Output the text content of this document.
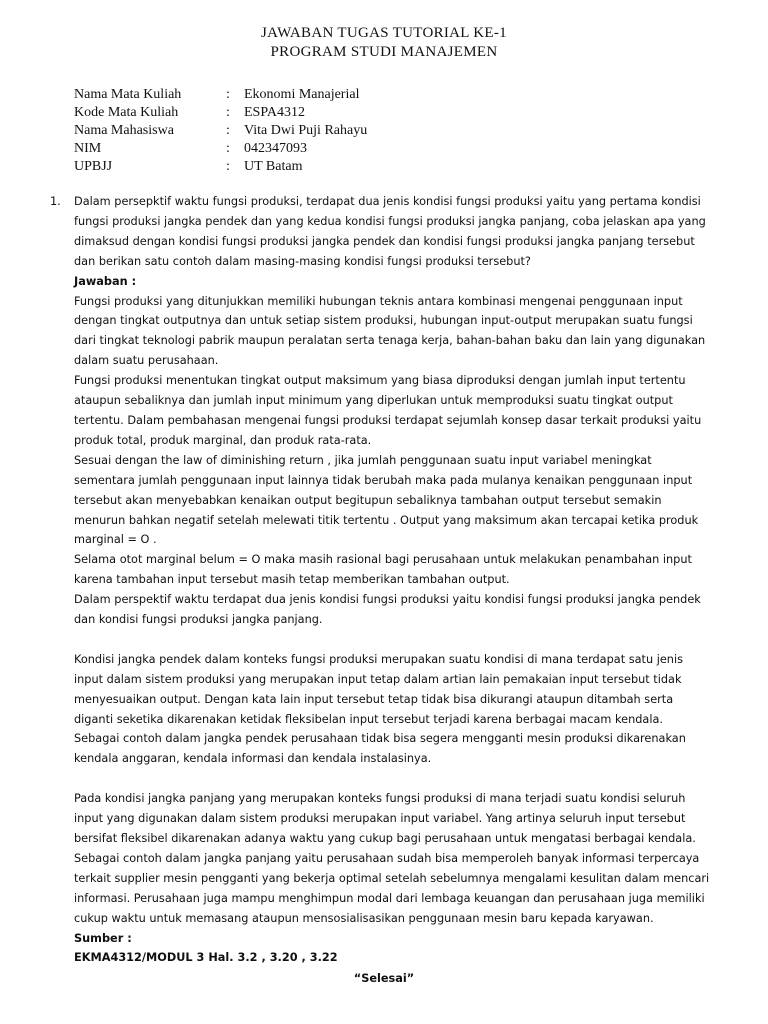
JAWABAN TUGAS TUTORIAL KE-1
PROGRAM STUDI MANAJEMEN
Nama Mata Kuliah	: Ekonomi Manajerial
Kode Mata Kuliah	: ESPA4312
Nama Mahasiswa	: Vita Dwi Puji Rahayu
NIM	: 042347093
UPBJJ	: UT Batam
1. Dalam persepktif waktu fungsi produksi, terdapat dua jenis kondisi fungsi produksi yaitu yang pertama kondisi fungsi produksi jangka pendek dan yang kedua kondisi fungsi produksi jangka panjang, coba jelaskan apa yang dimaksud dengan kondisi fungsi produksi jangka pendek dan kondisi fungsi produksi jangka panjang tersebut dan berikan satu contoh dalam masing-masing kondisi fungsi produksi tersebut?

Jawaban :

Fungsi produksi yang ditunjukkan memiliki hubungan teknis antara kombinasi mengenai penggunaan input dengan tingkat outputnya dan untuk setiap sistem produksi, hubungan input-output merupakan suatu fungsi dari tingkat teknologi pabrik maupun peralatan serta tenaga kerja, bahan-bahan baku dan lain yang digunakan dalam suatu perusahaan.

Fungsi produksi menentukan tingkat output maksimum yang biasa diproduksi dengan jumlah input tertentu ataupun sebaliknya dan jumlah input minimum yang diperlukan untuk memproduksi suatu tingkat output tertentu. Dalam pembahasan mengenai fungsi produksi terdapat sejumlah konsep dasar terkait produksi yaitu produk total, produk marginal, dan produk rata-rata.

Sesuai dengan the law of diminishing return , jika jumlah penggunaan suatu input variabel meningkat sementara jumlah penggunaan input lainnya tidak berubah maka pada mulanya kenaikan penggunaan input tersebut akan menyebabkan kenaikan output begitupun sebaliknya tambahan output tersebut semakin menurun bahkan negatif setelah melewati titik tertentu . Output yang maksimum akan tercapai ketika produk marginal = O .

Selama otot marginal belum = O maka masih rasional bagi perusahaan untuk melakukan penambahan input karena tambahan input tersebut masih tetap memberikan tambahan output.

Dalam perspektif waktu terdapat dua jenis kondisi fungsi produksi yaitu kondisi fungsi produksi jangka pendek dan kondisi fungsi produksi jangka panjang.

Kondisi jangka pendek dalam konteks fungsi produksi merupakan suatu kondisi di mana terdapat satu jenis input dalam sistem produksi yang merupakan input tetap dalam artian lain pemakaian input tersebut tidak menyesuaikan output. Dengan kata lain input tersebut tetap tidak bisa dikurangi ataupun ditambah serta diganti seketika dikarenakan ketidak fleksibelan input tersebut terjadi karena berbagai macam kendala.

Sebagai contoh dalam jangka pendek perusahaan tidak bisa segera mengganti mesin produksi dikarenakan kendala anggaran, kendala informasi dan kendala instalasinya.

Pada kondisi jangka panjang yang merupakan konteks fungsi produksi di mana terjadi suatu kondisi seluruh input yang digunakan dalam sistem produksi merupakan input variabel. Yang artinya seluruh input tersebut bersifat fleksibel dikarenakan adanya waktu yang cukup bagi perusahaan untuk mengatasi berbagai kendala.

Sebagai contoh dalam jangka panjang yaitu perusahaan sudah bisa memperoleh banyak informasi terpercaya terkait supplier mesin pengganti yang bekerja optimal setelah sebelumnya mengalami kesulitan dalam mencari informasi. Perusahaan juga mampu menghimpun modal dari lembaga keuangan dan perusahaan juga memiliki cukup waktu untuk memasang ataupun mensosialisasikan penggunaan mesin baru kepada karyawan.

Sumber :

EKMA4312/MODUL 3 Hal. 3.2 , 3.20 , 3.22

“Selesai”
